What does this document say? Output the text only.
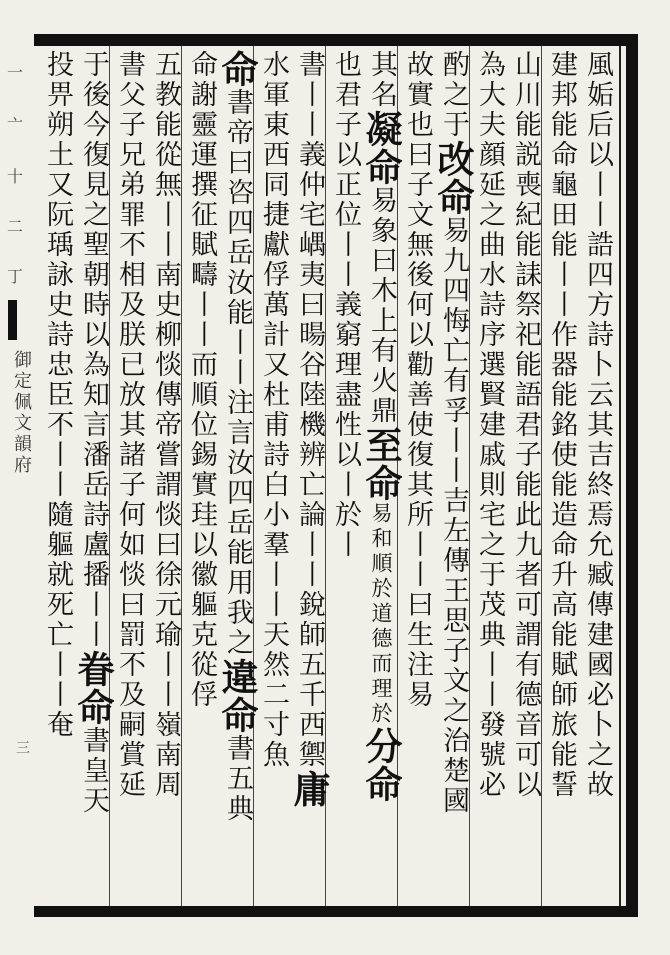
一
亠
十
二
丁
御定佩文韻府
三	風姤后以丨丨誥四方詩卜云其吉終焉允臧傳建國必卜之故
建邦能命龜田能丨丨作器能銘使能造命升高能賦師旅能誓
山川能説喪紀能誄祭祀能語君子能此九者可謂有德音可以
為大夫顔延之曲水詩序選賢建戚則宅之于茂典丨丨發號必
酌之于改命易九四悔亡有孚丨丨吉左傳王思子文之治楚國
故實也曰子文無後何以勸善使復其所丨丨曰生注易
其名凝命易象曰木上有火鼎至命易和順於道德而理於分命
也君子以正位丨丨義窮理盡性以丨於丨
書丨丨義仲宅嵎夷曰暘谷陸機辨亡論丨丨銳師五千西禦庸
水軍東西同捷獻俘萬計又杜甫詩白小羣丨丨天然二寸魚
命書帝曰咨四岳汝能丨丨注言汝四岳能用我之違命書五典
命謝靈運撰征賦疇丨丨而順位錫實珪以徽軀克從俘
五教能從無丨丨南史柳惔傳帝嘗謂惔曰徐元瑜丨丨嶺南周
書父子兄弟罪不相及朕已放其諸子何如惔曰罰不及嗣賞延
于後今復見之聖朝時以為知言潘岳詩盧播丨丨眷命書皇天
投畀朔土又阮瑀詠史詩忠臣不丨丨隨軀就死亡丨丨奄
